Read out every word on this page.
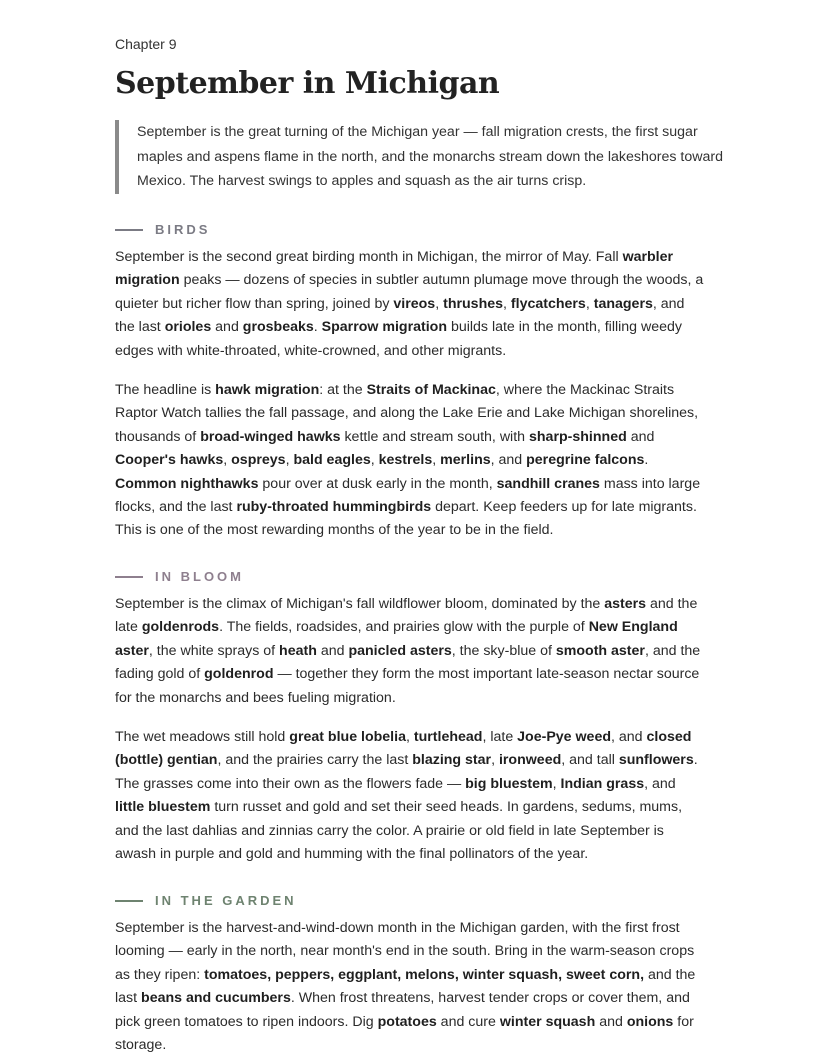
Chapter 9
September in Michigan
September is the great turning of the Michigan year — fall migration crests, the first sugar maples and aspens flame in the north, and the monarchs stream down the lakeshores toward Mexico. The harvest swings to apples and squash as the air turns crisp.
BIRDS

September is the second great birding month in Michigan, the mirror of May. Fall warbler migration peaks — dozens of species in subtler autumn plumage move through the woods, a quieter but richer flow than spring, joined by vireos, thrushes, flycatchers, tanagers, and the last orioles and grosbeaks. Sparrow migration builds late in the month, filling weedy edges with white-throated, white-crowned, and other migrants.

The headline is hawk migration: at the Straits of Mackinac, where the Mackinac Straits Raptor Watch tallies the fall passage, and along the Lake Erie and Lake Michigan shorelines, thousands of broad-winged hawks kettle and stream south, with sharp-shinned and Cooper's hawks, ospreys, bald eagles, kestrels, merlins, and peregrine falcons. Common nighthawks pour over at dusk early in the month, sandhill cranes mass into large flocks, and the last ruby-throated hummingbirds depart. Keep feeders up for late migrants. This is one of the most rewarding months of the year to be in the field.

IN BLOOM

September is the climax of Michigan's fall wildflower bloom, dominated by the asters and the late goldenrods. The fields, roadsides, and prairies glow with the purple of New England aster, the white sprays of heath and panicled asters, the sky-blue of smooth aster, and the fading gold of goldenrod — together they form the most important late-season nectar source for the monarchs and bees fueling migration.

The wet meadows still hold great blue lobelia, turtlehead, late Joe-Pye weed, and closed (bottle) gentian, and the prairies carry the last blazing star, ironweed, and tall sunflowers. The grasses come into their own as the flowers fade — big bluestem, Indian grass, and little bluestem turn russet and gold and set their seed heads. In gardens, sedums, mums, and the last dahlias and zinnias carry the color. A prairie or old field in late September is awash in purple and gold and humming with the final pollinators of the year.

IN THE GARDEN

September is the harvest-and-wind-down month in the Michigan garden, with the first frost looming — early in the north, near month's end in the south. Bring in the warm-season crops as they ripen: tomatoes, peppers, eggplant, melons, winter squash, sweet corn, and the last beans and cucumbers. When frost threatens, harvest tender crops or cover them, and pick green tomatoes to ripen indoors. Dig potatoes and cure winter squash and onions for storage.
